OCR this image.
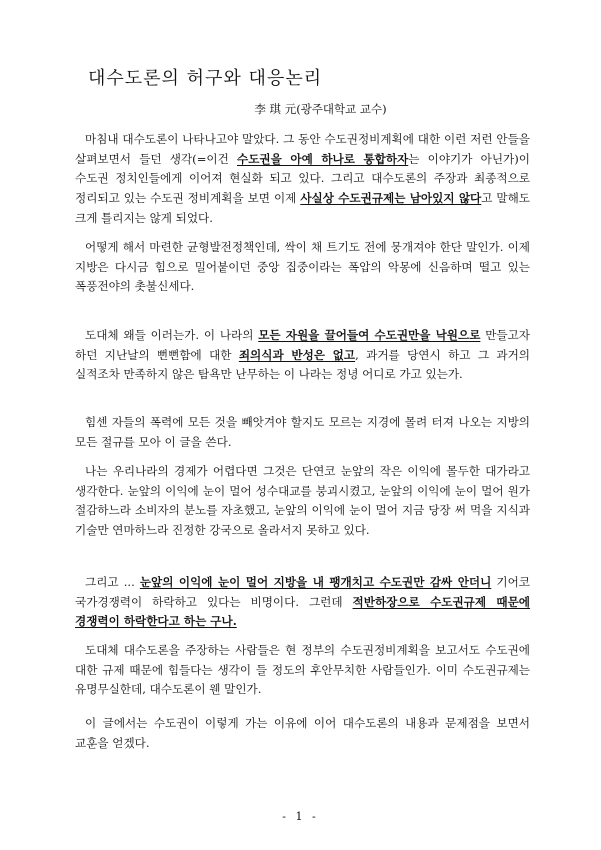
대수도론의 허구와 대응논리
李 琪 元(광주대학교 교수)

마침내 대수도론이 나타나고야 말았다. 그 동안 수도권정비계획에 대한 이런 저런 안들을 살펴보면서 들던 생각(=이건 수도권을 아예 하나로 통합하자는 이야기가 아닌가)이 수도권 정치인들에게 이어져 현실화 되고 있다. 그리고 대수도론의 주장과 최종적으로 정리되고 있는 수도권 정비계획을 보면 이제 사실상 수도권규제는 남아있지 않다고 말해도 크게 틀리지는 않게 되었다.

어떻게 해서 마련한 균형발전정책인데, 싹이 채 트기도 전에 뭉개져야 한단 말인가. 이제 지방은 다시금 힘으로 밀어붙이던 중앙 집중이라는 폭압의 악몽에 신음하며 떨고 있는 폭풍전야의 촛불신세다.

도대체 왜들 이러는가. 이 나라의 모든 자원을 끌어들여 수도권만을 낙원으로 만들고자 하던 지난날의 뻔뻔함에 대한 죄의식과 반성은 없고, 과거를 당연시 하고 그 과거의 실적조차 만족하지 않은 탐욕만 난무하는 이 나라는 정녕 어디로 가고 있는가.

힘센 자들의 폭력에 모든 것을 빼앗겨야 할지도 모르는 지경에 몰려 터져 나오는 지방의 모든 절규를 모아 이 글을 쓴다.

나는 우리나라의 경제가 어렵다면 그것은 단연코 눈앞의 작은 이익에 몰두한 대가라고 생각한다. 눈앞의 이익에 눈이 멀어 성수대교를 붕괴시켰고, 눈앞의 이익에 눈이 멀어 원가 절감하느라 소비자의 분노를 자초했고, 눈앞의 이익에 눈이 멀어 지금 당장 써 먹을 지식과 기술만 연마하느라 진정한 강국으로 올라서지 못하고 있다.

그리고 ... 눈앞의 이익에 눈이 멀어 지방을 내 팽개치고 수도권만 감싸 안더니 기어코 국가경쟁력이 하락하고 있다는 비명이다. 그런데 적반하장으로 수도권규제 때문에 경쟁력이 하락한다고 하는 구나.

도대체 대수도론을 주장하는 사람들은 현 정부의 수도권정비계획을 보고서도 수도권에 대한 규제 때문에 힘들다는 생각이 들 정도의 후안무치한 사람들인가. 이미 수도권규제는 유명무실한데, 대수도론이 웬 말인가.

이 글에서는 수도권이 이렇게 가는 이유에 이어 대수도론의 내용과 문제점을 보면서 교훈을 얻겠다.

- 1 -
